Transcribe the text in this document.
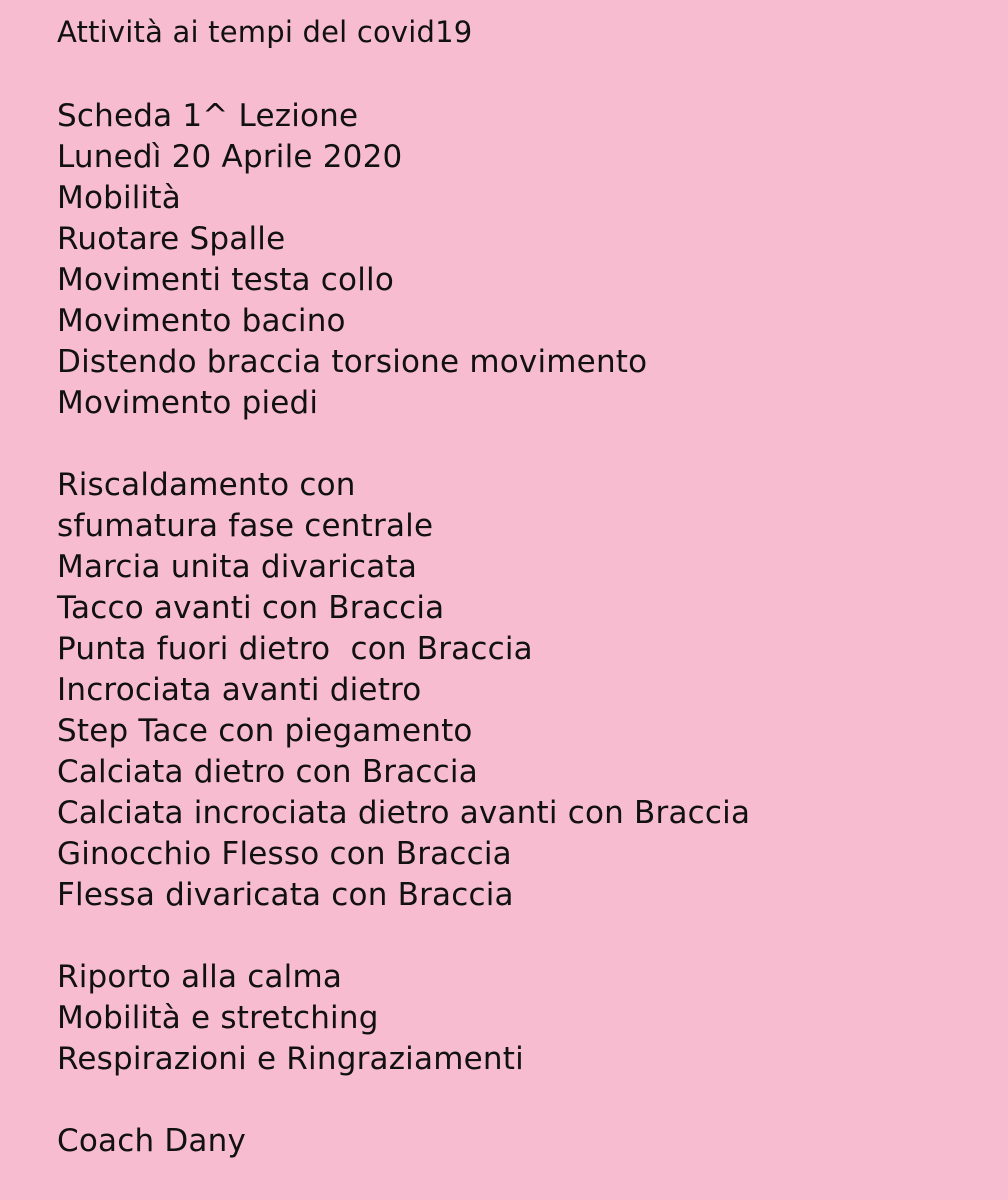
Attività ai tempi del covid19
Scheda 1^ Lezione
Lunedì 20 Aprile 2020
Mobilità
Ruotare Spalle
Movimenti testa collo
Movimento bacino
Distendo braccia torsione movimento
Movimento piedi
Riscaldamento con
sfumatura fase centrale
Marcia unita divaricata
Tacco avanti con Braccia
Punta fuori dietro  con Braccia
Incrociata avanti dietro
Step Tace con piegamento
Calciata dietro con Braccia
Calciata incrociata dietro avanti con Braccia
Ginocchio Flesso con Braccia
Flessa divaricata con Braccia
Riporto alla calma
Mobilità e stretching
Respirazioni e Ringraziamenti
Coach Dany
